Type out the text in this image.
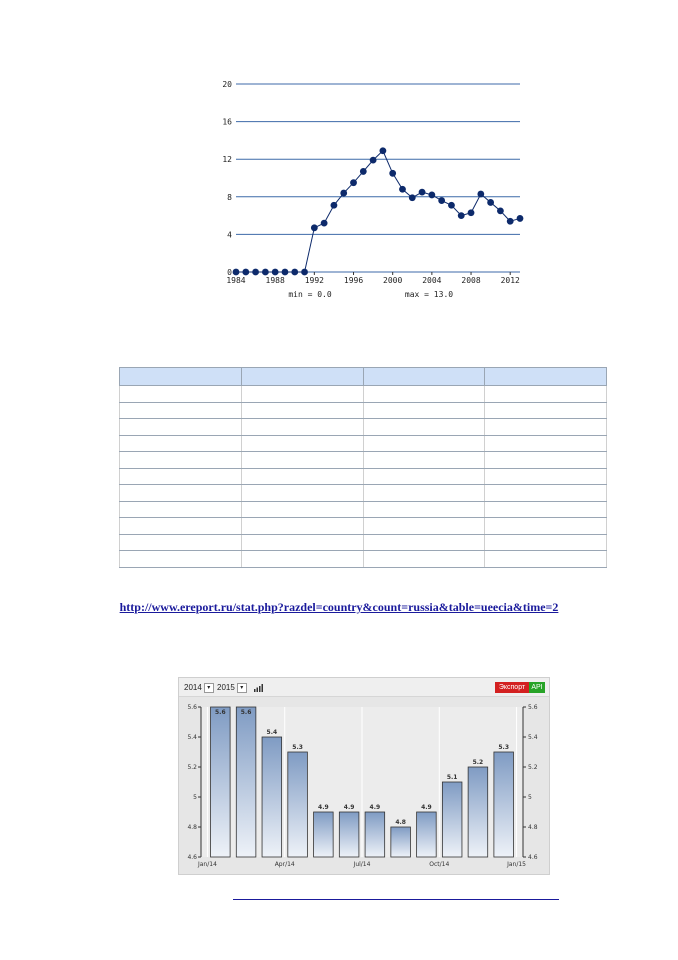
0
4
8
12
16
20
1984 1988 1992 1996 2000 2004 2008 2012
min = 0.0	max = 13.0

http://www.ereport.ru/stat.php?razdel=country&count=russia&table=ueecia&time=2
2014 ▾ 2015 ▾	Экспорт API
4.6	4.6
4.8	4.8
5	5
5.2	5.2
5.4	5.4
5.6	5.6
5.6	5.6
5.4
5.3
4.9	4.9	4.9
4.8
4.9
5.1
5.2
5.3
Jan/14	Apr/14	Jul/14	Oct/14	Jan/15
